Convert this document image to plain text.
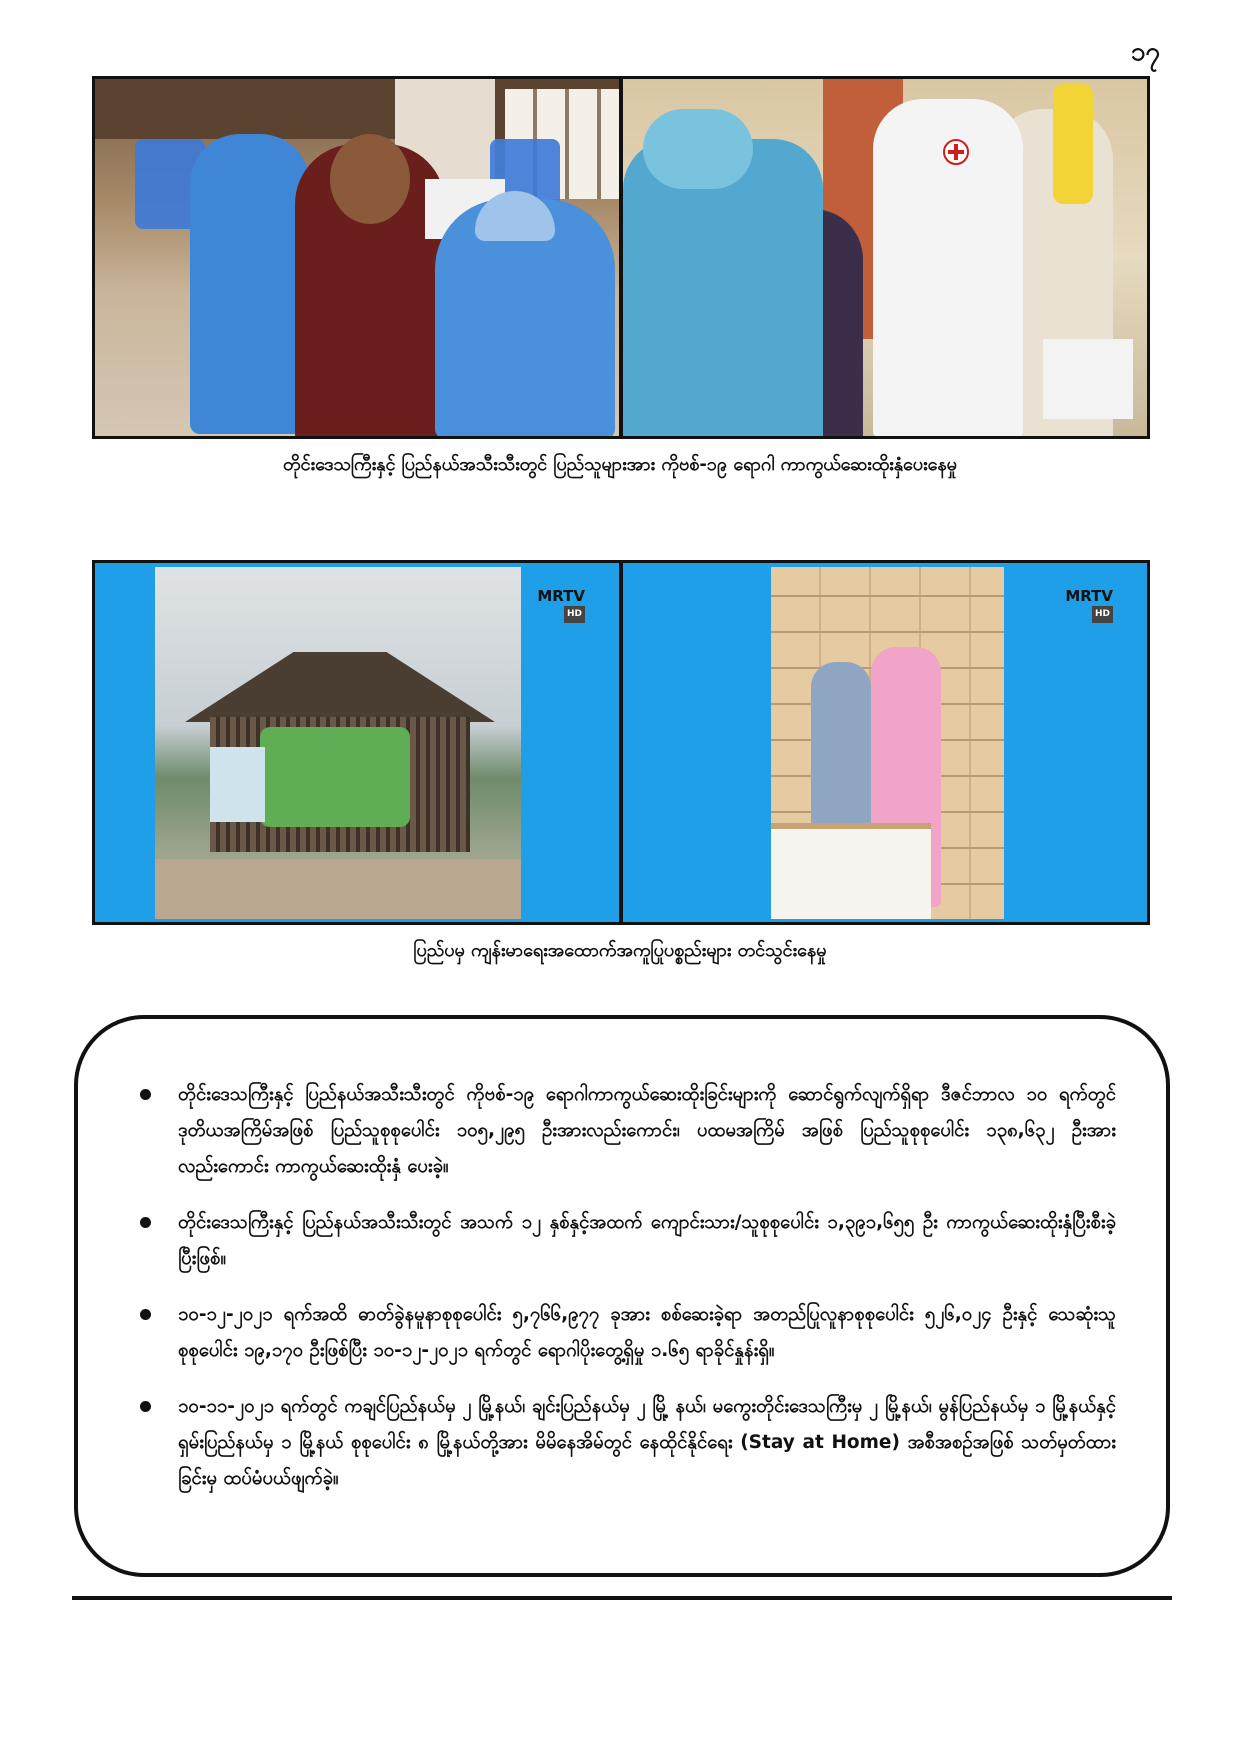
၁၇
တိုင်းဒေသကြီးနှင့် ပြည်နယ်အသီးသီးတွင် ပြည်သူများအား ကိုဗစ်-၁၉ ရောဂါ ကာကွယ်ဆေးထိုးနှံပေးနေမှု
MRTV
HD
MRTV
HD
ပြည်ပမှ ကျန်းမာရေးအထောက်အကူပြုပစ္စည်းများ တင်သွင်းနေမှု
တိုင်းဒေသကြီးနှင့် ပြည်နယ်အသီးသီးတွင် ကိုဗစ်-၁၉ ရောဂါကာကွယ်ဆေးထိုးခြင်းများကို ဆောင်ရွက်လျက်ရှိရာ ဒီဇင်ဘာလ ၁၀ ရက်တွင် ဒုတိယအကြိမ်အဖြစ် ပြည်သူစုစုပေါင်း ၁၀၅,၂၉၅ ဦးအားလည်းကောင်း၊ ပထမအကြိမ် အဖြစ် ပြည်သူစုစုပေါင်း ၁၃၈,၆၃၂ ဦးအားလည်းကောင်း ကာကွယ်ဆေးထိုးနှံ ပေးခဲ့။
တိုင်းဒေသကြီးနှင့် ပြည်နယ်အသီးသီးတွင် အသက် ၁၂ နှစ်နှင့်အထက် ကျောင်းသား/သူစုစုပေါင်း ၁,၃၉၁,၆၅၅ ဦး ကာကွယ်ဆေးထိုးနှံပြီးစီးခဲ့ပြီးဖြစ်။
၁၀-၁၂-၂၀၂၁ ရက်အထိ ဓာတ်ခွဲနမူနာစုစုပေါင်း ၅,၇၆၆,၉၇၇ ခုအား စစ်ဆေးခဲ့ရာ အတည်ပြုလူနာစုစုပေါင်း ၅၂၆,၀၂၄ ဦးနှင့် သေဆုံးသူစုစုပေါင်း ၁၉,၁၇၀ ဦးဖြစ်ပြီး ၁၀-၁၂-၂၀၂၁ ရက်တွင် ရောဂါပိုးတွေ့ရှိမှု ၁.၆၅ ရာခိုင်နှုန်းရှိ။
၁၀-၁၁-၂၀၂၁ ရက်တွင် ကချင်ပြည်နယ်မှ ၂ မြို့နယ်၊ ချင်းပြည်နယ်မှ ၂ မြို့ နယ်၊ မကွေးတိုင်းဒေသကြီးမှ ၂ မြို့နယ်၊ မွန်ပြည်နယ်မှ ၁ မြို့နယ်နှင့် ရှမ်းပြည်နယ်မှ ၁ မြို့နယ် စုစုပေါင်း ၈ မြို့နယ်တို့အား မိမိနေအိမ်တွင် နေထိုင်နိုင်ရေး (Stay at Home) အစီအစဉ်အဖြစ် သတ်မှတ်ထားခြင်းမှ ထပ်မံပယ်ဖျက်ခဲ့။
